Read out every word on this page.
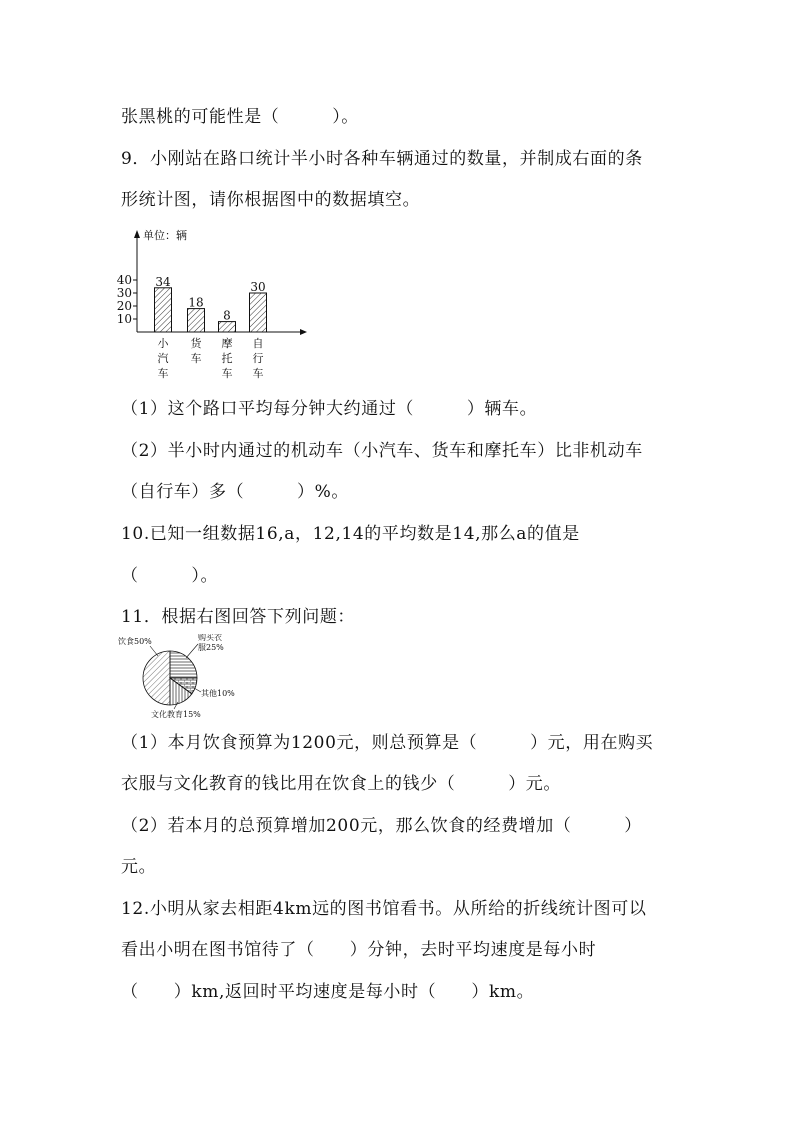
张黑桃的可能性是（　　　）。
9．小刚站在路口统计半小时各种车辆通过的数量，并制成右面的条
形统计图，请你根据图中的数据填空。
单位：辆
10
20
30
40 34
小
汽
车
18
货
车
8
摩
托
车
30
自
行
车
（1）这个路口平均每分钟大约通过（　　　）辆车。
（2）半小时内通过的机动车（小汽车、货车和摩托车）比非机动车
（自行车）多（　　　）%。
10.已知一组数据16,a，12,14的平均数是14,那么a的值是
（　　　）。
11．根据右图回答下列问题：
饮食50%	购买衣
服25%
其他10%
文化教育15%
（1）本月饮食预算为1200元，则总预算是（　　　）元，用在购买
衣服与文化教育的钱比用在饮食上的钱少（　　　）元。
（2）若本月的总预算增加200元，那么饮食的经费增加（　　　）
元。
12.小明从家去相距4km远的图书馆看书。从所给的折线统计图可以
看出小明在图书馆待了（　　）分钟，去时平均速度是每小时
（　　）km,返回时平均速度是每小时（　　）km。
